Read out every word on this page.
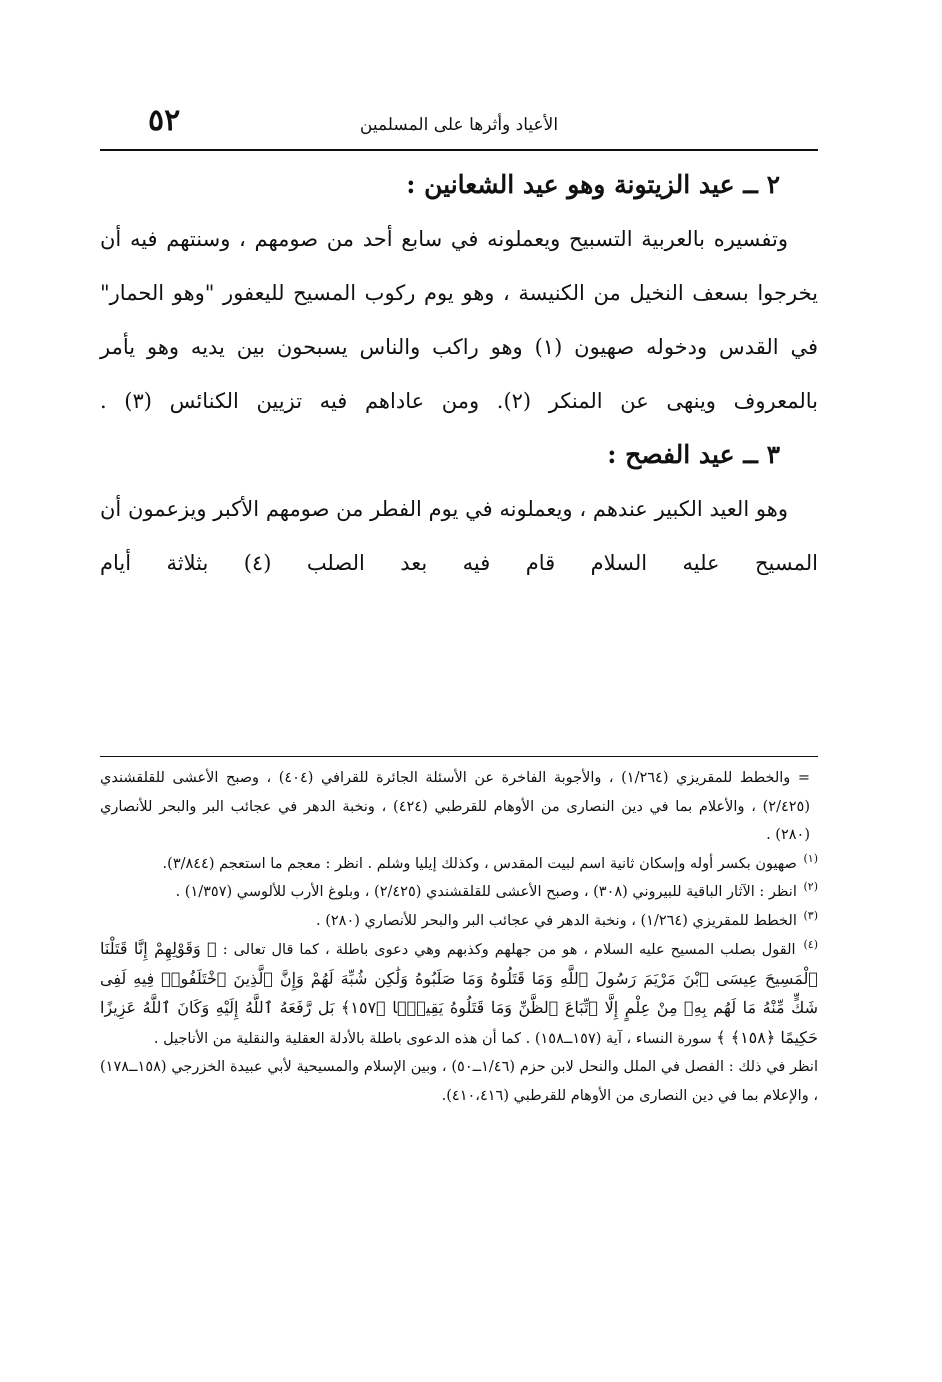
٥٢	الأعياد وأثرها على المسلمين

٢ ــ عيد الزيتونة وهو عيد الشعانين :

وتفسيره بالعربية التسبيح ويعملونه في سابع أحد من صومهم ، وسنتهم فيه أن يخرجوا بسعف النخيل من الكنيسة ، وهو يوم ركوب المسيح لليعفور "وهو الحمار" في القدس ودخوله صهيون (١) وهو راكب والناس يسبحون بين يديه وهو يأمر بالمعروف وينهى عن المنكر (٢). ومن عاداهم فيه تزيين الكنائس (٣) .

٣ ــ عيد الفصح :

وهو العيد الكبير عندهم ، ويعملونه في يوم الفطر من صومهم الأكبر ويزعمون أن المسيح عليه السلام قام فيه بعد الصلب (٤) بثلاثة أيام

= والخطط للمقريزي (١/٢٦٤) ، والأجوبة الفاخرة عن الأسئلة الجائرة للقرافي (٤٠٤) ، وصبح الأعشى للقلقشندي (٢/٤٢٥) ، والأعلام بما في دين النصارى من الأوهام للقرطبي (٤٢٤) ، ونخبة الدهر في عجائب البر والبحر للأنصاري (٢٨٠) .

$^{(١)}$ صهيون بكسر أوله وإسكان ثانية اسم لبيت المقدس ، وكذلك إيليا وشلم . انظر : معجم ما استعجم (٣/٨٤٤).

$^{(٢)}$ انظر : الآثار الباقية للبيروني (٣٠٨) ، وصبح الأعشى للقلقشندي (٢/٤٢٥) ، وبلوغ الأرب للألوسي (١/٣٥٧) .

$^{(٣)}$ الخطط للمقريزي (١/٢٦٤) ، ونخبة الدهر في عجائب البر والبحر للأنصاري (٢٨٠) .

$^{(٤)}$ القول بصلب المسيح عليه السلام ، هو من جهلهم وكذبهم وهي دعوى باطلة ، كما قال تعالى : ﴿ وَقَوْلِهِمْ إِنَّا قَتَلْنَا ٱلْمَسِيحَ عِيسَى ٱبْنَ مَرْيَمَ رَسُولَ ٱللَّهِ وَمَا قَتَلُوهُ وَمَا صَلَبُوهُ وَلَٰكِن شُبِّهَ لَهُمْ وَإِنَّ ٱلَّذِينَ ٱخْتَلَفُوا۟ فِيهِ لَفِى شَكٍّ مِّنْهُ مَا لَهُم بِهِۦ مِنْ عِلْمٍ إِلَّا ٱتِّبَاعَ ٱلظَّنِّ وَمَا قَتَلُوهُ يَقِينًۢا ﴿١٥٧﴾ بَل رَّفَعَهُ ٱللَّهُ إِلَيْهِ وَكَانَ ٱللَّهُ عَزِيزًا حَكِيمًا ﴿١٥٨﴾ ﴾ سورة النساء ، آية (١٥٧ــ١٥٨) . كما أن هذه الدعوى باطلة بالأدلة العقلية والنقلية من الأناجيل .

انظر في ذلك : الفصل في الملل والنحل لابن حزم (١/٤٦ــ٥٠) ، وبين الإسلام والمسيحية لأبي عبيدة الخزرجي (١٥٨ــ١٧٨) ، والإعلام بما في دين النصارى من الأوهام للقرطبي (٤١٠،٤١٦).
